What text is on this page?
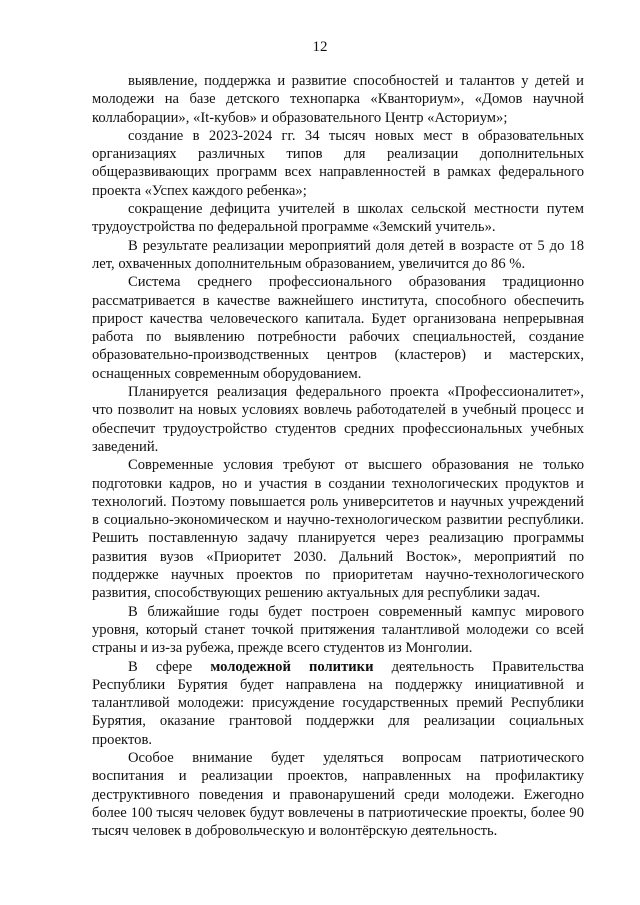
12

выявление, поддержка и развитие способностей и талантов у детей и молодежи на базе детского технопарка «Кванториум», «Домов научной коллаборации», «It-кубов» и образовательного Центр «Асториум»;

создание в 2023-2024 гг. 34 тысяч новых мест в образовательных организациях различных типов для реализации дополнительных общеразвивающих программ всех направленностей в рамках федерального проекта «Успех каждого ребенка»;

сокращение дефицита учителей в школах сельской местности путем трудоустройства по федеральной программе «Земский учитель».

В результате реализации мероприятий доля детей в возрасте от 5 до 18 лет, охваченных дополнительным образованием, увеличится до 86 %.

Система среднего профессионального образования традиционно рассматривается в качестве важнейшего института, способного обеспечить прирост качества человеческого капитала. Будет организована непрерывная работа по выявлению потребности рабочих специальностей, создание образовательно-производственных центров (кластеров) и мастерских, оснащенных современным оборудованием.

Планируется реализация федерального проекта «Профессионалитет», что позволит на новых условиях вовлечь работодателей в учебный процесс и обеспечит трудоустройство студентов средних профессиональных учебных заведений.

Современные условия требуют от высшего образования не только подготовки кадров, но и участия в создании технологических продуктов и технологий. Поэтому повышается роль университетов и научных учреждений в социально-экономическом и научно-технологическом развитии республики. Решить поставленную задачу планируется через реализацию программы развития вузов «Приоритет 2030. Дальний Восток», мероприятий по поддержке научных проектов по приоритетам научно-технологического развития, способствующих решению актуальных для республики задач.

В ближайшие годы будет построен современный кампус мирового уровня, который станет точкой притяжения талантливой молодежи со всей страны и из-за рубежа, прежде всего студентов из Монголии.

В сфере молодежной политики деятельность Правительства Республики Бурятия будет направлена на поддержку инициативной и талантливой молодежи: присуждение государственных премий Республики Бурятия, оказание грантовой поддержки для реализации социальных проектов.

Особое внимание будет уделяться вопросам патриотического воспитания и реализации проектов, направленных на профилактику деструктивного поведения и правонарушений среди молодежи. Ежегодно более 100 тысяч человек будут вовлечены в патриотические проекты, более 90 тысяч человек в добровольческую и волонтёрскую деятельность.
